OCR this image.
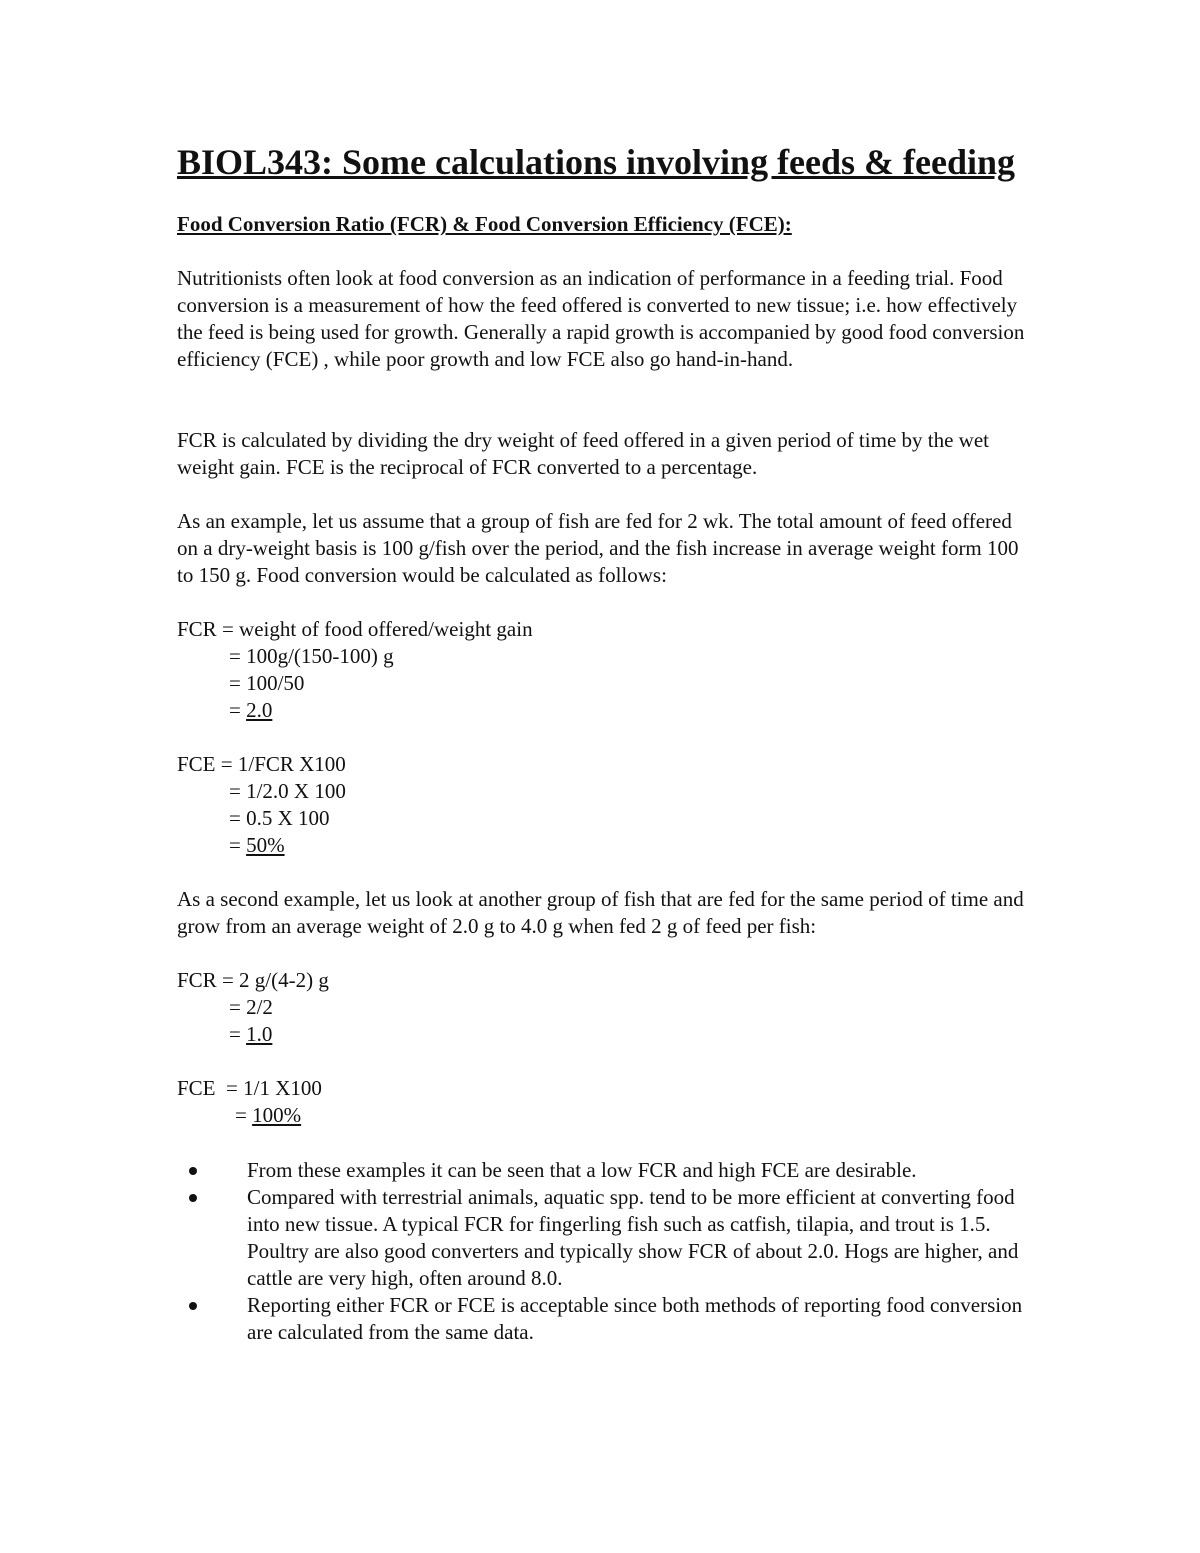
BIOL343: Some calculations involving feeds & feeding
Food Conversion Ratio (FCR) & Food Conversion Efficiency (FCE):

Nutritionists often look at food conversion as an indication of performance in a feeding trial. Food conversion is a measurement of how the feed offered is converted to new tissue; i.e. how effectively the feed is being used for growth. Generally a rapid growth is accompanied by good food conversion efficiency (FCE) , while poor growth and low FCE also go hand-in-hand.

FCR is calculated by dividing the dry weight of feed offered in a given period of time by the wet weight gain. FCE is the reciprocal of FCR converted to a percentage.

As an example, let us assume that a group of fish are fed for 2 wk. The total amount of feed offered on a dry-weight basis is 100 g/fish over the period, and the fish increase in average weight form 100 to 150 g. Food conversion would be calculated as follows:

FCR = weight of food offered/weight gain
= 100g/(150-100) g
= 100/50
= 2.0
FCE = 1/FCR X100
= 1/2.0 X 100
= 0.5 X 100
= 50%

As a second example, let us look at another group of fish that are fed for the same period of time and grow from an average weight of 2.0 g to 4.0 g when fed 2 g of feed per fish:

FCR = 2 g/(4-2) g
= 2/2
= 1.0
FCE  = 1/1 X100
= 100%
From these examples it can be seen that a low FCR and high FCE are desirable.
Compared with terrestrial animals, aquatic spp. tend to be more efficient at converting food into new tissue. A typical FCR for fingerling fish such as catfish, tilapia, and trout is 1.5. Poultry are also good converters and typically show FCR of about 2.0. Hogs are higher, and cattle are very high, often around 8.0.
Reporting either FCR or FCE is acceptable since both methods of reporting food conversion are calculated from the same data.
